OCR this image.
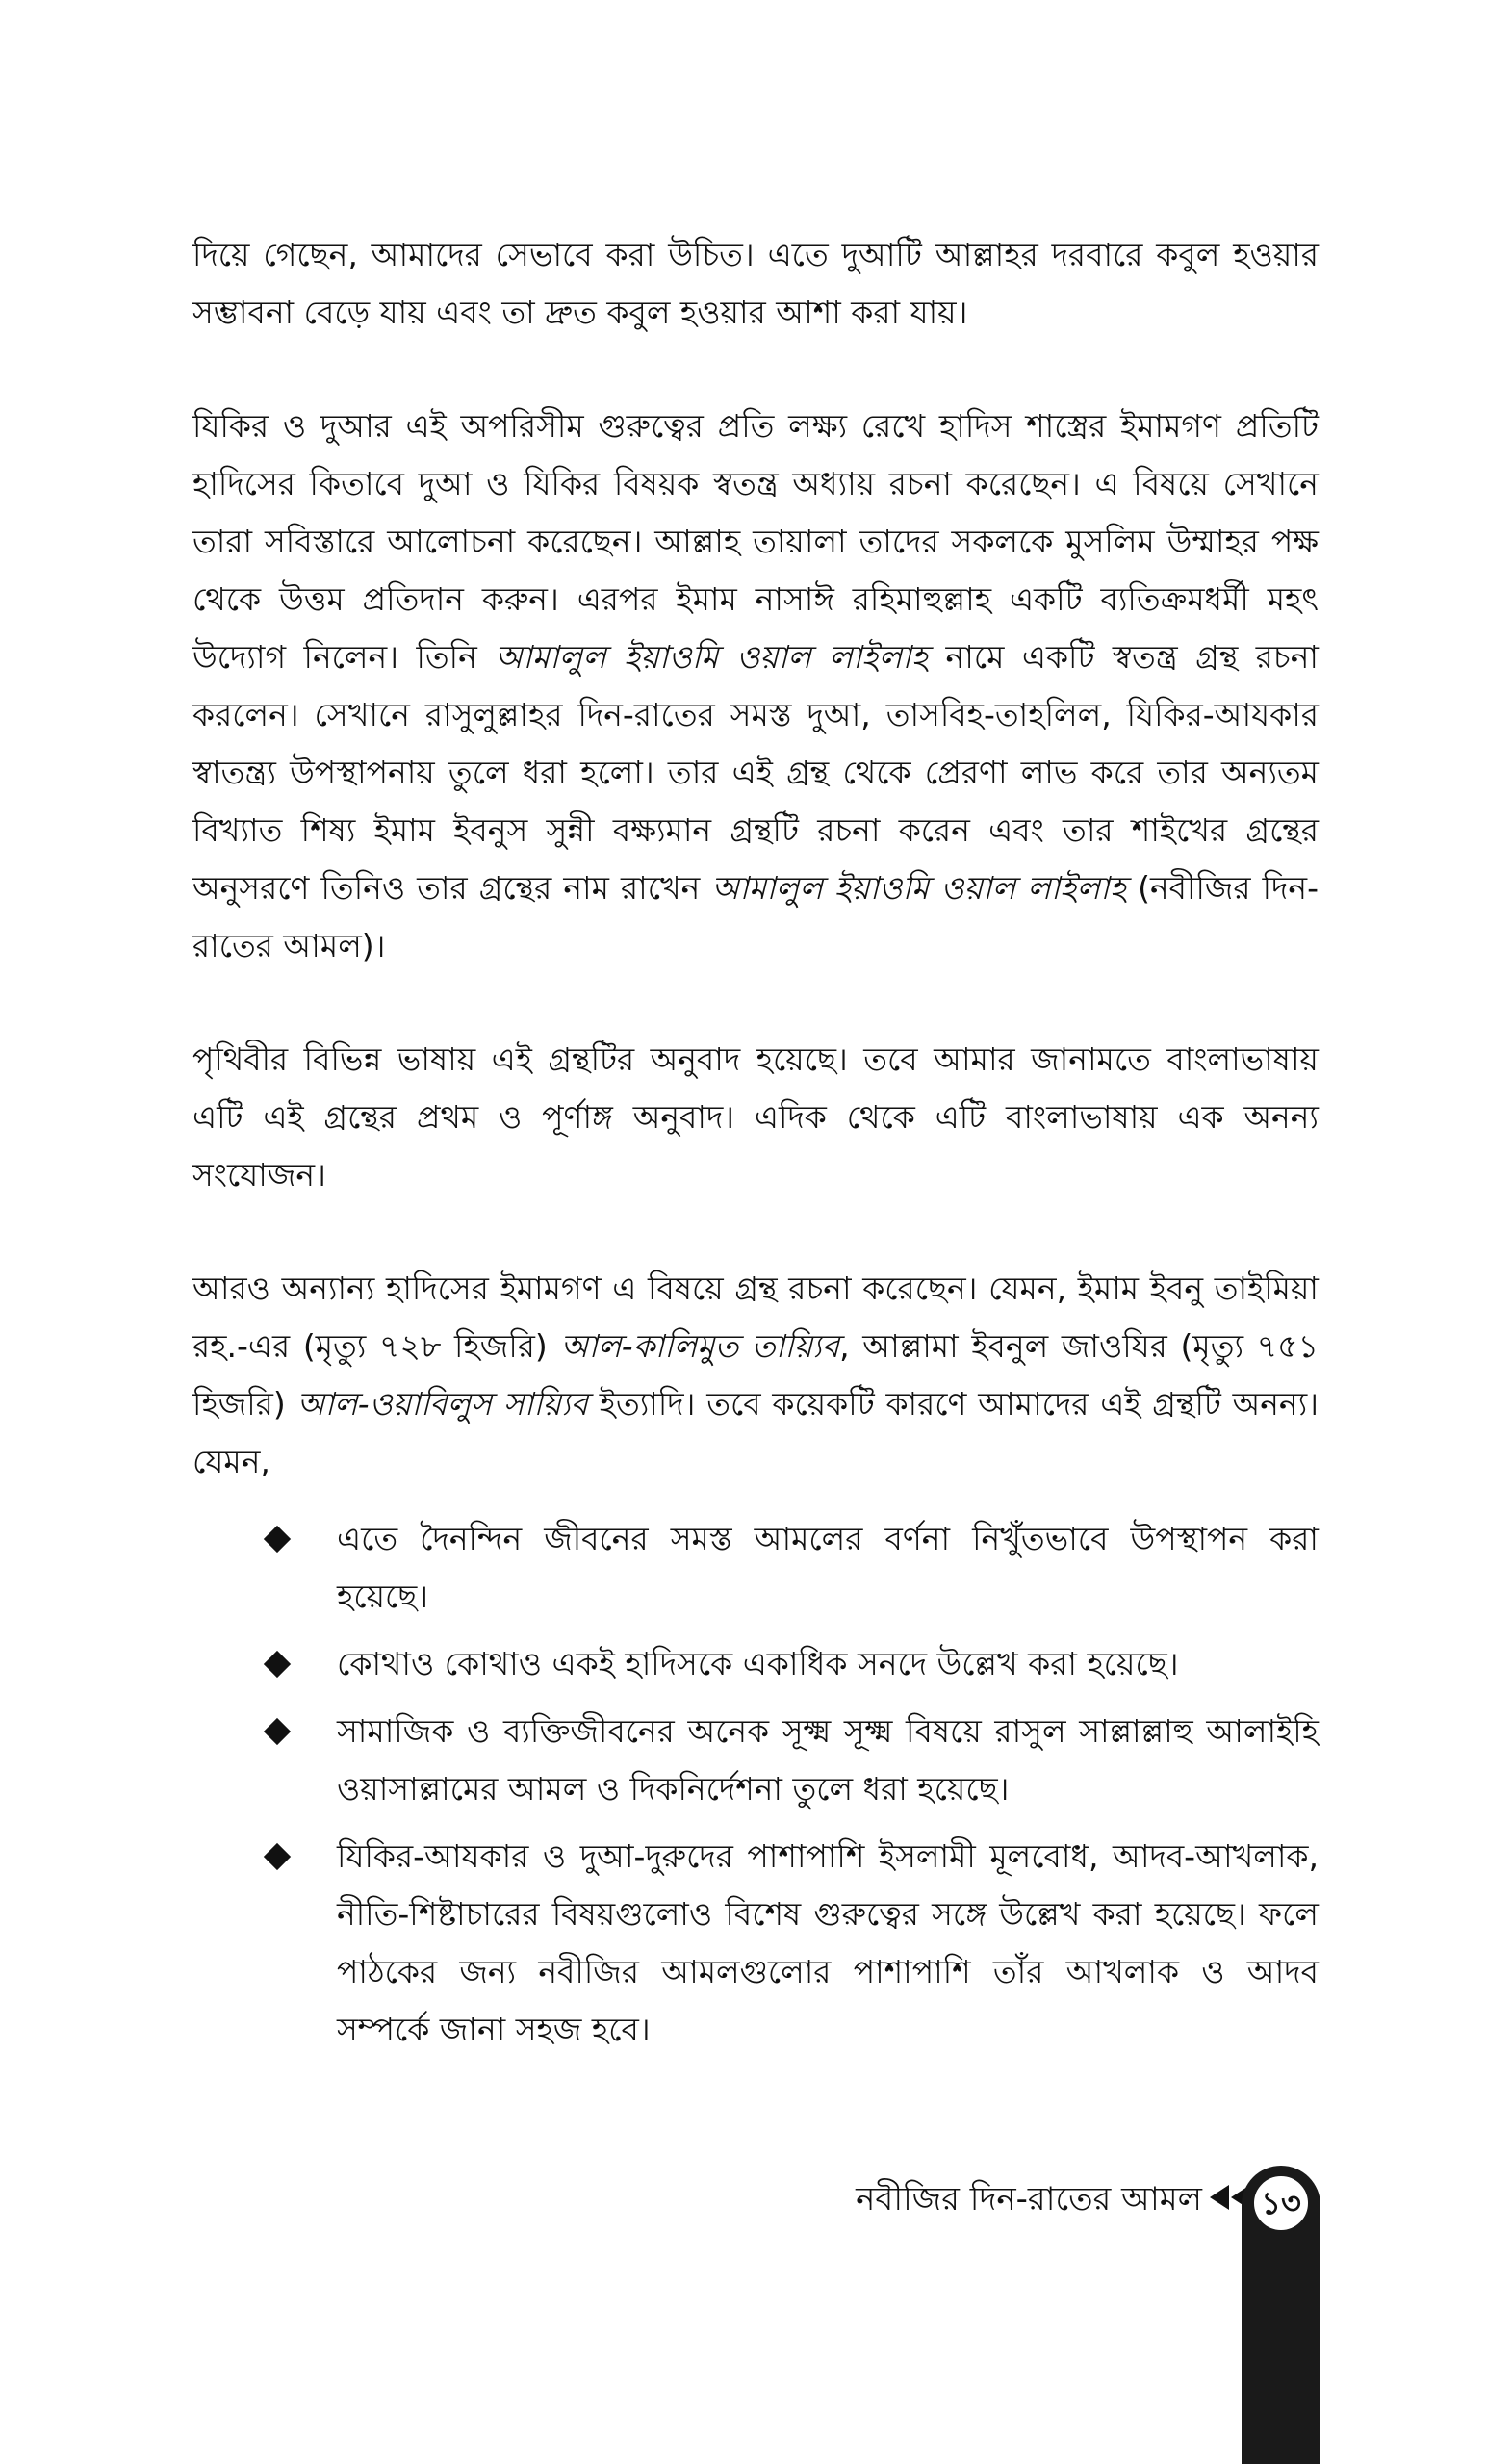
দিয়ে গেছেন, আমাদের সেভাবে করা উচিত। এতে দুআটি আল্লাহর দরবারে কবুল হওয়ার সম্ভাবনা বেড়ে যায় এবং তা দ্রুত কবুল হওয়ার আশা করা যায়।

যিকির ও দুআর এই অপরিসীম গুরুত্বের প্রতি লক্ষ্য রেখে হাদিস শাস্ত্রের ইমামগণ প্রতিটি হাদিসের কিতাবে দুআ ও যিকির বিষয়ক স্বতন্ত্র অধ্যায় রচনা করেছেন। এ বিষয়ে সেখানে তারা সবিস্তারে আলোচনা করেছেন। আল্লাহ তায়ালা তাদের সকলকে মুসলিম উম্মাহর পক্ষ থেকে উত্তম প্রতিদান করুন। এরপর ইমাম নাসাঈ রহিমাহুল্লাহ একটি ব্যতিক্রমধর্মী মহৎ উদ্যোগ নিলেন। তিনি আমালুল ইয়াওমি ওয়াল লাইলাহ নামে একটি স্বতন্ত্র গ্রন্থ রচনা করলেন। সেখানে রাসুলুল্লাহর দিন-রাতের সমস্ত দুআ, তাসবিহ-তাহলিল, যিকির-আযকার স্বাতন্ত্র্য উপস্থাপনায় তুলে ধরা হলো। তার এই গ্রন্থ থেকে প্রেরণা লাভ করে তার অন্যতম বিখ্যাত শিষ্য ইমাম ইবনুস সুন্নী বক্ষ্যমান গ্রন্থটি রচনা করেন এবং তার শাইখের গ্রন্থের অনুসরণে তিনিও তার গ্রন্থের নাম রাখেন আমালুল ইয়াওমি ওয়াল লাইলাহ (নবীজির দিন-রাতের আমল)।

পৃথিবীর বিভিন্ন ভাষায় এই গ্রন্থটির অনুবাদ হয়েছে। তবে আমার জানামতে বাংলাভাষায় এটি এই গ্রন্থের প্রথম ও পূর্ণাঙ্গ অনুবাদ। এদিক থেকে এটি বাংলাভাষায় এক অনন্য সংযোজন।

আরও অন্যান্য হাদিসের ইমামগণ এ বিষয়ে গ্রন্থ রচনা করেছেন। যেমন, ইমাম ইবনু তাইমিয়া রহ.-এর (মৃত্যু ৭২৮ হিজরি) আল-কালিমুত তায়্যিব, আল্লামা ইবনুল জাওযির (মৃত্যু ৭৫১ হিজরি) আল-ওয়াবিলুস সায়্যিব ইত্যাদি। তবে কয়েকটি কারণে আমাদের এই গ্রন্থটি অনন্য। যেমন,

এতে দৈনন্দিন জীবনের সমস্ত আমলের বর্ণনা নিখুঁতভাবে উপস্থাপন করা হয়েছে।
কোথাও কোথাও একই হাদিসকে একাধিক সনদে উল্লেখ করা হয়েছে।
সামাজিক ও ব্যক্তিজীবনের অনেক সূক্ষ্ম সূক্ষ্ম বিষয়ে রাসুল সাল্লাল্লাহু আলাইহি ওয়াসাল্লামের আমল ও দিকনির্দেশনা তুলে ধরা হয়েছে।
যিকির-আযকার ও দুআ-দুরুদের পাশাপাশি ইসলামী মূলবোধ, আদব-আখলাক, নীতি-শিষ্টাচারের বিষয়গুলোও বিশেষ গুরুত্বের সঙ্গে উল্লেখ করা হয়েছে। ফলে পাঠকের জন্য নবীজির আমলগুলোর পাশাপাশি তাঁর আখলাক ও আদব সম্পর্কে জানা সহজ হবে।
নবীজির দিন-রাতের আমল	১৩
